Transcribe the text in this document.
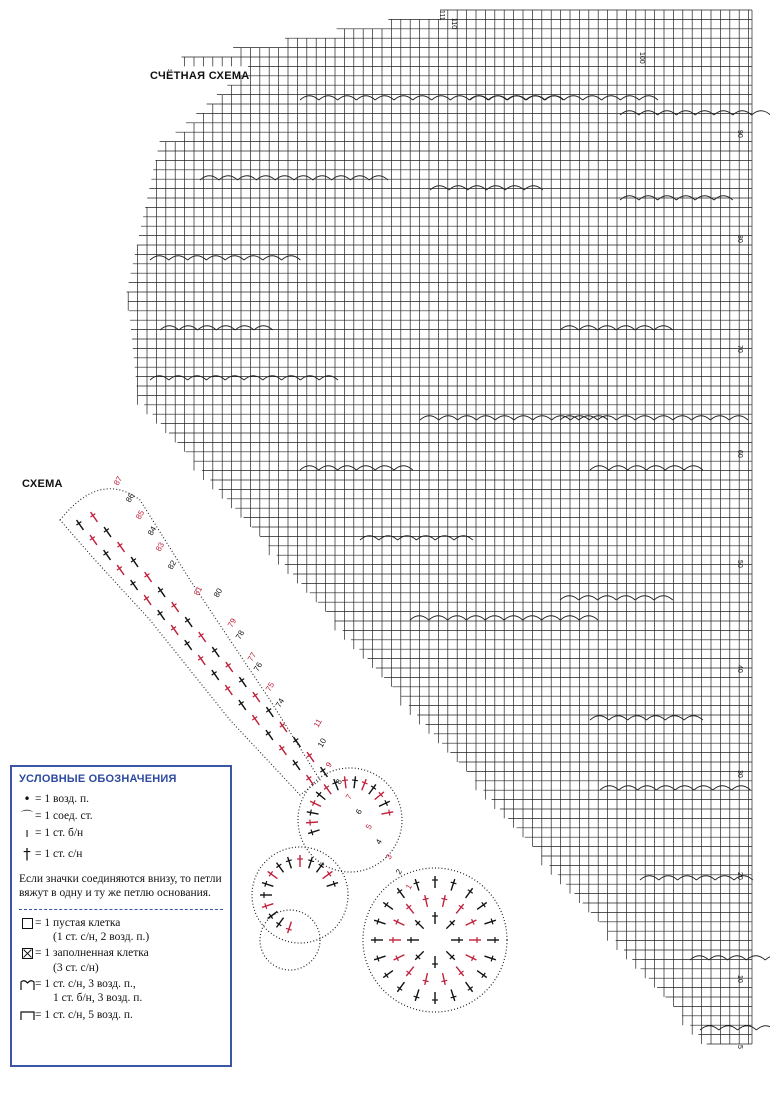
СЧЁТНАЯ СХЕМА
СХЕМА
5
10
20
30
40
50
60
70
80
90
100
110
111
1
2
3
4
5
6
7
8
9
10
11
74
75
76
77
78
79
80
81
82
83
84
85
86
87
УСЛОВНЫЕ ОБОЗНАЧЕНИЯ
• = 1 возд. п.
⌒ = 1 соед. ст.
ı = 1 ст. б/н
† = 1 ст. с/н
Если значки соединяются внизу, то петли вяжут в одну и ту же петлю основания.
= 1 пустая клетка
(1 ст. с/н, 2 возд. п.)
= 1 заполненная клетка
(3 ст. с/н)
= 1 ст. с/н, 3 возд. п.,
1 ст. б/н, 3 возд. п.
= 1 ст. с/н, 5 возд. п.
